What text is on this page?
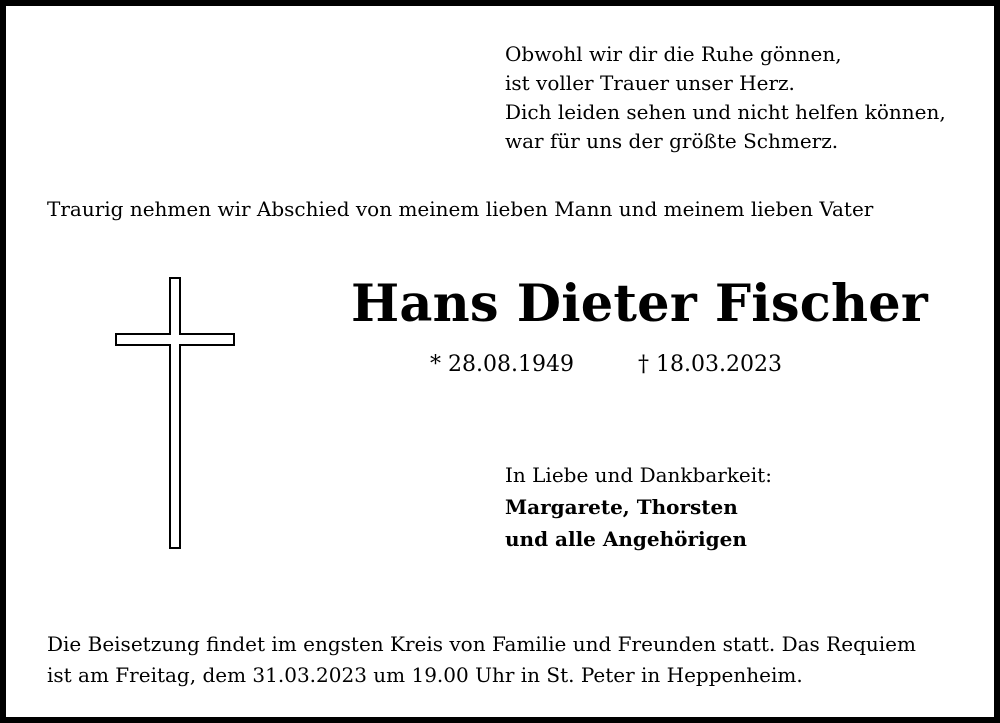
Obwohl wir dir die Ruhe gönnen,
ist voller Trauer unser Herz.
Dich leiden sehen und nicht helfen können,
war für uns der größte Schmerz.
Traurig nehmen wir Abschied von meinem lieben Mann und meinem lieben Vater
Hans Dieter Fischer
* 28.08.1949	† 18.03.2023
In Liebe und Dankbarkeit:
Margarete, Thorsten
und alle Angehörigen
Die Beisetzung findet im engsten Kreis von Familie und Freunden statt. Das Requiem
ist am Freitag, dem 31.03.2023 um 19.00 Uhr in St. Peter in Heppenheim.
